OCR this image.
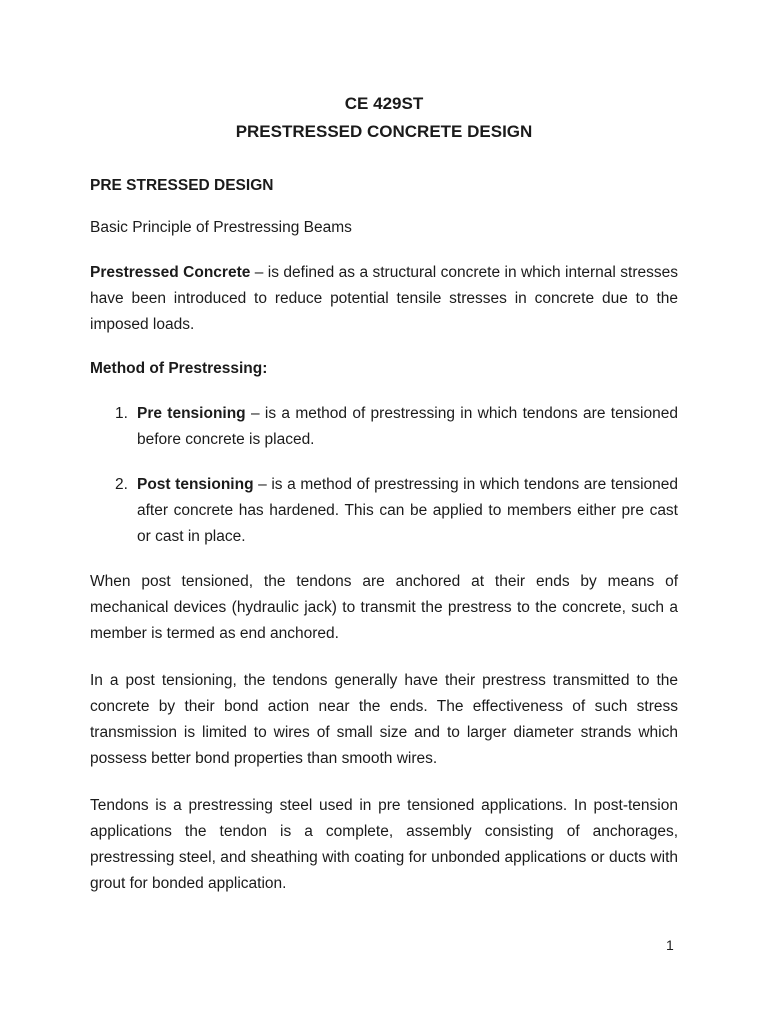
CE 429ST
PRESTRESSED CONCRETE DESIGN
PRE STRESSED DESIGN
Basic Principle of Prestressing Beams

Prestressed Concrete – is defined as a structural concrete in which internal stresses have been introduced to reduce potential tensile stresses in concrete due to the imposed loads.

Method of Prestressing:
1. Pre tensioning – is a method of prestressing in which tendons are tensioned before concrete is placed.
2. Post tensioning – is a method of prestressing in which tendons are tensioned after concrete has hardened. This can be applied to members either pre cast or cast in place.

When post tensioned, the tendons are anchored at their ends by means of mechanical devices (hydraulic jack) to transmit the prestress to the concrete, such a member is termed as end anchored.

In a post tensioning, the tendons generally have their prestress transmitted to the concrete by their bond action near the ends. The effectiveness of such stress transmission is limited to wires of small size and to larger diameter strands which possess better bond properties than smooth wires.

Tendons is a prestressing steel used in pre tensioned applications. In post-tension applications the tendon is a complete, assembly consisting of anchorages, prestressing steel, and sheathing with coating for unbonded applications or ducts with grout for bonded application.

1
